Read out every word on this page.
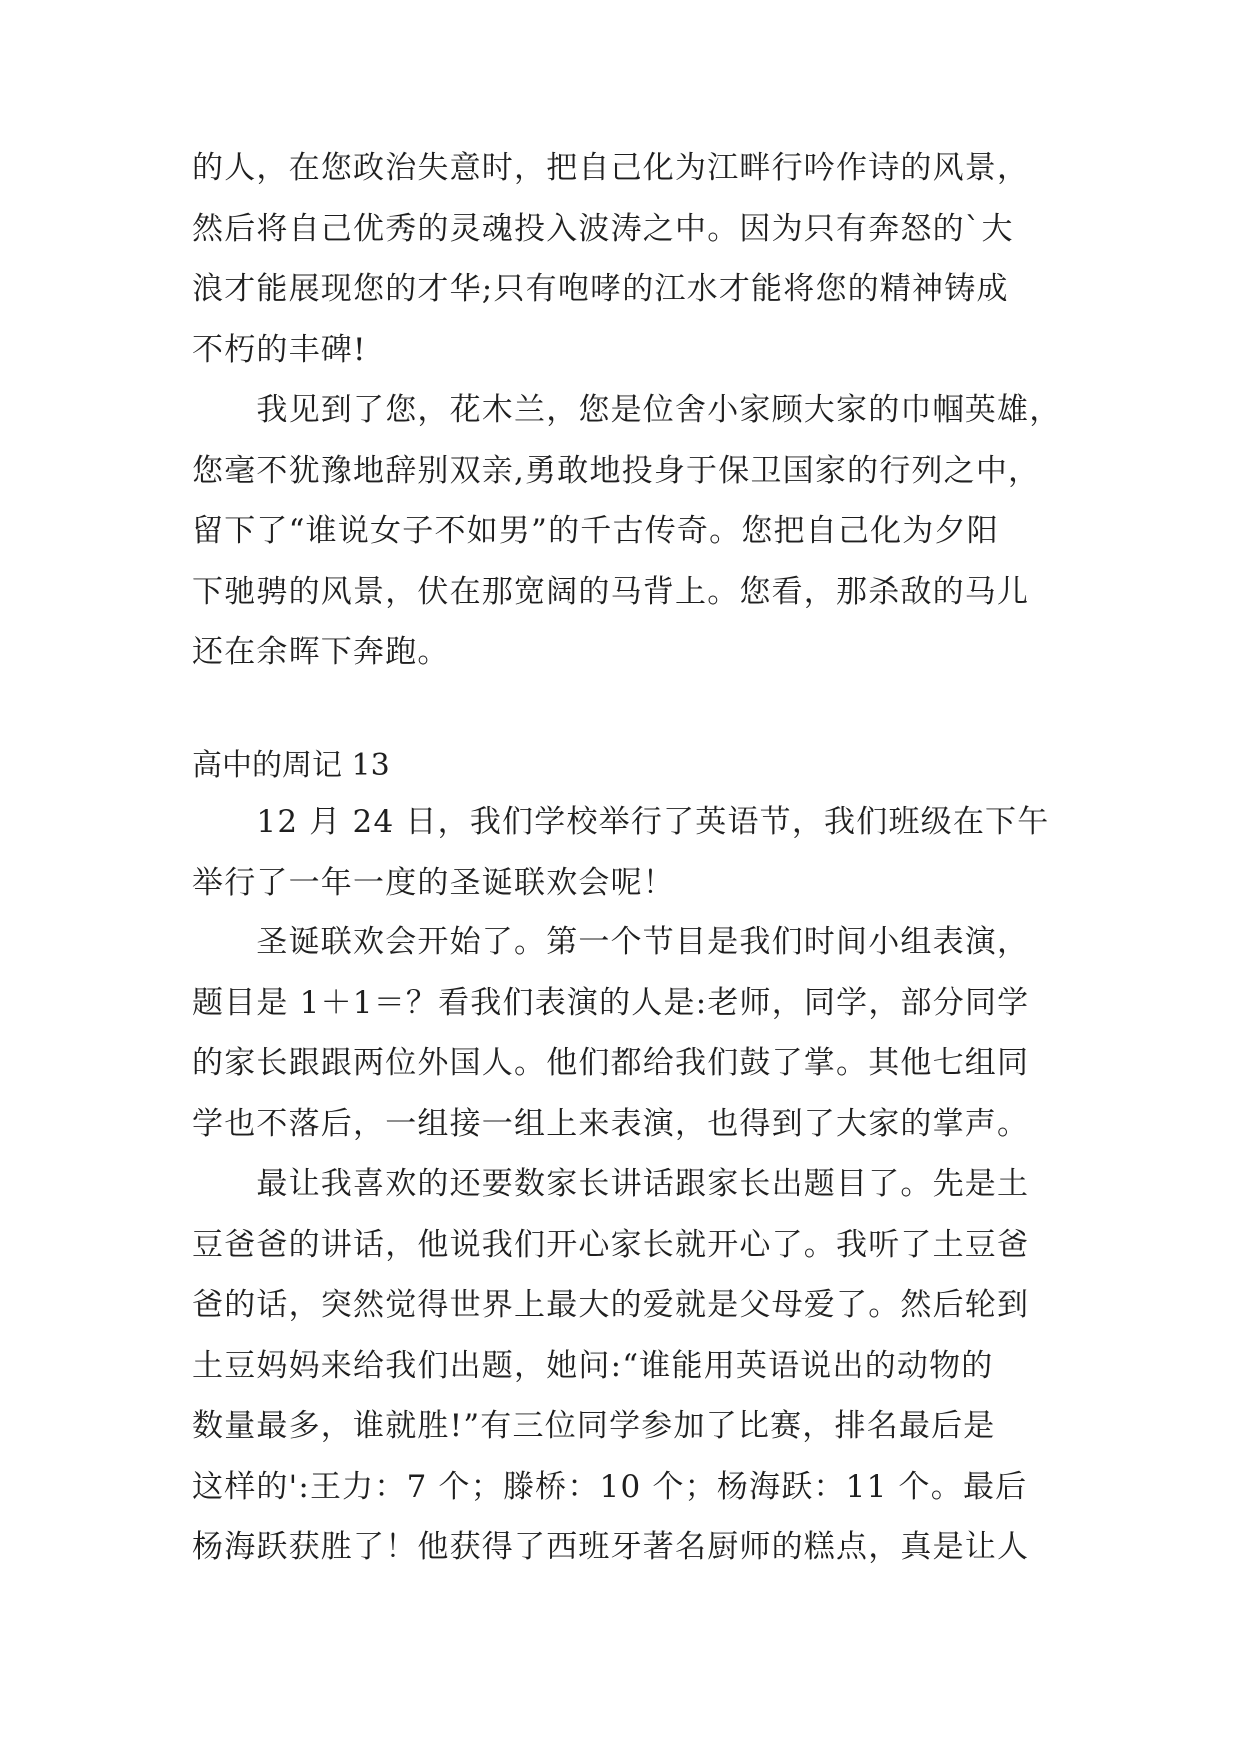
的人，在您政治失意时，把自己化为江畔行吟作诗的风景，
然后将自己优秀的灵魂投入波涛之中。因为只有奔怒的`大
浪才能展现您的才华;只有咆哮的江水才能将您的精神铸成
不朽的丰碑!
　　我见到了您，花木兰，您是位舍小家顾大家的巾帼英雄，
您毫不犹豫地辞别双亲,勇敢地投身于保卫国家的行列之中，
留下了“谁说女子不如男”的千古传奇。您把自己化为夕阳
下驰骋的风景，伏在那宽阔的马背上。您看，那杀敌的马儿
还在余晖下奔跑。
高中的周记 13
　　12 月 24 日，我们学校举行了英语节，我们班级在下午
举行了一年一度的圣诞联欢会呢！
　　圣诞联欢会开始了。第一个节目是我们时间小组表演，
题目是 1＋1＝？看我们表演的人是:老师，同学，部分同学
的家长跟跟两位外国人。他们都给我们鼓了掌。其他七组同
学也不落后，一组接一组上来表演，也得到了大家的掌声。
　　最让我喜欢的还要数家长讲话跟家长出题目了。先是土
豆爸爸的讲话，他说我们开心家长就开心了。我听了土豆爸
爸的话，突然觉得世界上最大的爱就是父母爱了。然后轮到
土豆妈妈来给我们出题，她问:“谁能用英语说出的动物的
数量最多，谁就胜!”有三位同学参加了比赛，排名最后是
这样的':王力：7 个；滕桥：10 个；杨海跃：11 个。最后
杨海跃获胜了！他获得了西班牙著名厨师的糕点，真是让人
